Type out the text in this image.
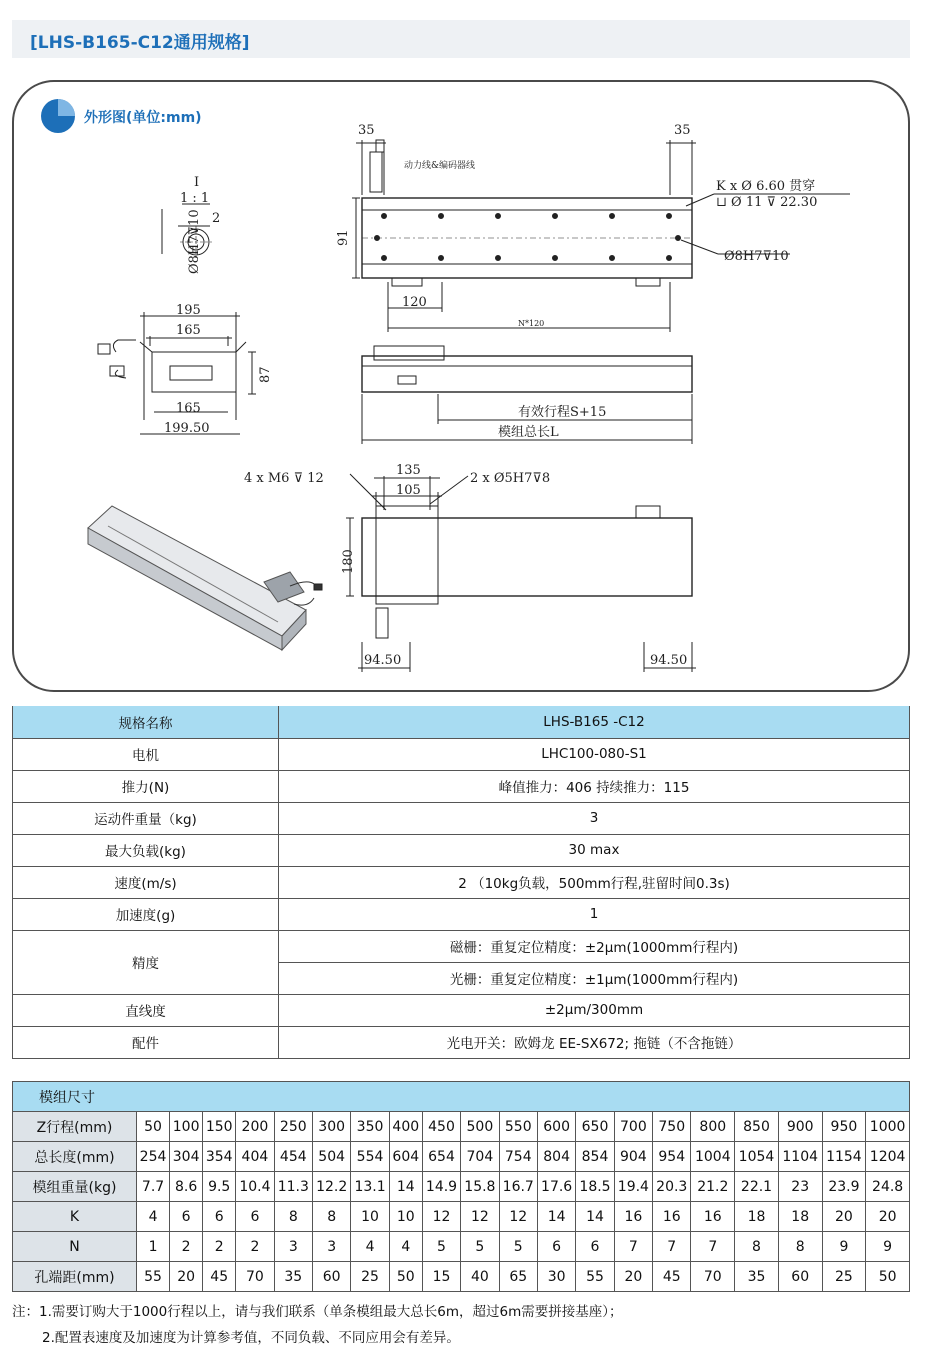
[LHS-B165-C12通用规格]
外形图(单位:mm)
35	35
动力线&编码器线
K x Ø 6.60 贯穿
⊔ Ø 11 ⊽ 22.30
91
120
N*120
Ø8H7⊽10
I
1 : 1
2
Ø8H7⊽10
195
165
87
165
199.50
有效行程S+15
模组总长L
4 x M6 ⊽ 12
135
105
2 x Ø5H7⊽8
180
94.50	94.50
规格名称	LHS-B165 -C12
电机	LHC100-080-S1
推力(N)	峰值推力：406 持续推力：115
运动件重量（kg)	3
最大负载(kg)	30 max
速度(m/s)	2 （10kg负载，500mm行程,驻留时间0.3s)
加速度(g)	1
精度	磁栅：重复定位精度：±2μm(1000mm行程内)
	光栅：重复定位精度：±1μm(1000mm行程内)
直线度	±2μm/300mm
配件	光电开关：欧姆龙 EE-SX672; 拖链（不含拖链）
模组尺寸																				
Z行程(mm)	50	100	150	200	250	300	350	400	450	500	550	600	650	700	750	800	850	900	950	1000
总长度(mm)	254	304	354	404	454	504	554	604	654	704	754	804	854	904	954	1004	1054	1104	1154	1204
模组重量(kg)	7.7	8.6	9.5	10.4	11.3	12.2	13.1	14	14.9	15.8	16.7	17.6	18.5	19.4	20.3	21.2	22.1	23	23.9	24.8
K	4	6	6	6	8	8	10	10	12	12	12	14	14	16	16	16	18	18	20	20
N	1	2	2	2	3	3	4	4	5	5	5	6	6	7	7	7	8	8	9	9
孔端距(mm)	55	20	45	70	35	60	25	50	15	40	65	30	55	20	45	70	35	60	25	50
注：1.需要订购大于1000行程以上，请与我们联系（单条模组最大总长6m，超过6m需要拼接基座）；
2.配置表速度及加速度为计算参考值，不同负载、不同应用会有差异。
